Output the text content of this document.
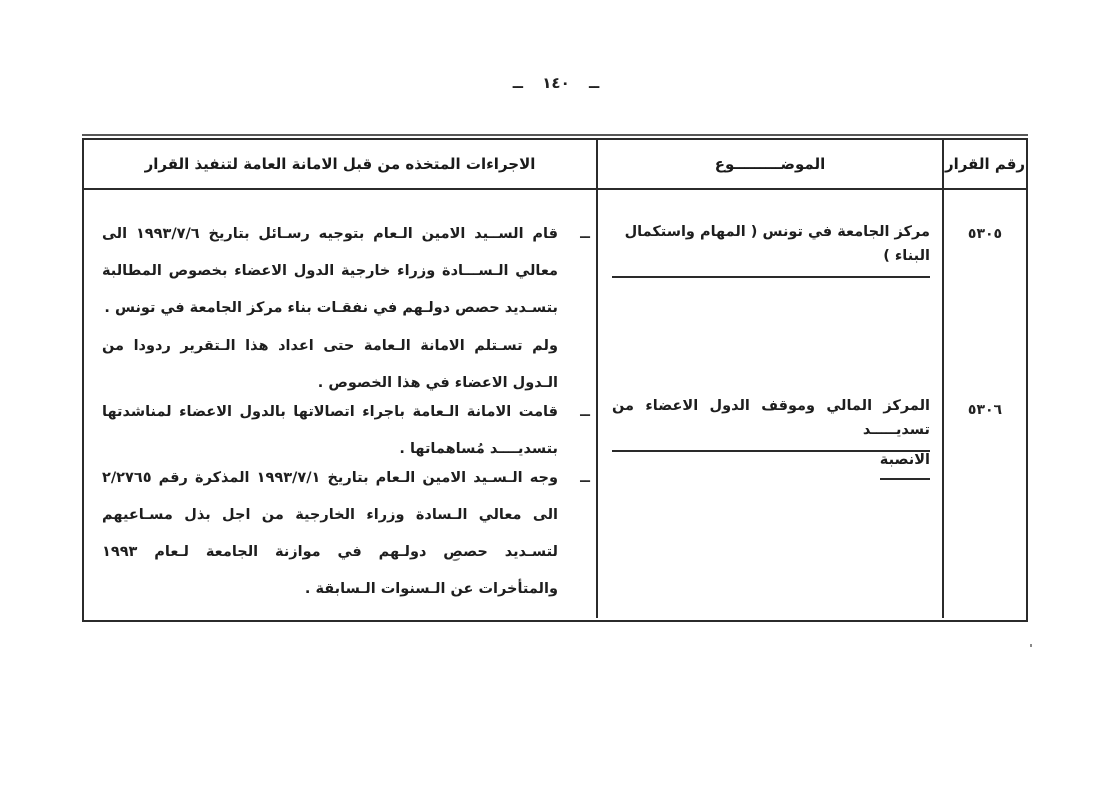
ــ ١٤٠ ــ
رقم القرار
الموضـــــــــوع
الاجراءات المتخذه من قبل الامانة العامة لتنفيذ القرار
٥٣٠٥
٥٣٠٦
مركز الجامعة في تونس ( المهام واستكمال البناء )
المركز المالي وموقف الدول الاعضاء من تسديـــــد
الانصبة
ــ
قام الســيد الامين الـعام بتوجيه رسـائل بتاريخ ١٩٩٣/٧/٦ الى معالي الـســـادة وزراء خارجية الدول الاعضاء بخصوص المطالبة بتسـديد حصص دولـهم في نفقـات بناء مركز الجامعة في تونس .
ولم تسـتلم الامانة الـعامة حتى اعداد هذا الـتقرير ردودا من الـدول الاعضاء في هذا الخصوص .
ــ
قامت الامانة الـعامة باجراء اتصالاتها بالدول الاعضاء لمناشدتها بتسديــــد مُساهماتها .
ــ
وجه الـسـيد الامين الـعام بتاريخ ١٩٩٣/٧/١ المذكرة رقم ٢/٢٧٦٥ الى معالي الـسادة وزراء الخارجية من اجل بذل مسـاعيهم لتسـديد حصص دولـهم في موازنة الجامعة لـعام ١٩٩٣ والمتأخرات عن الـسنوات الـسابقة .
